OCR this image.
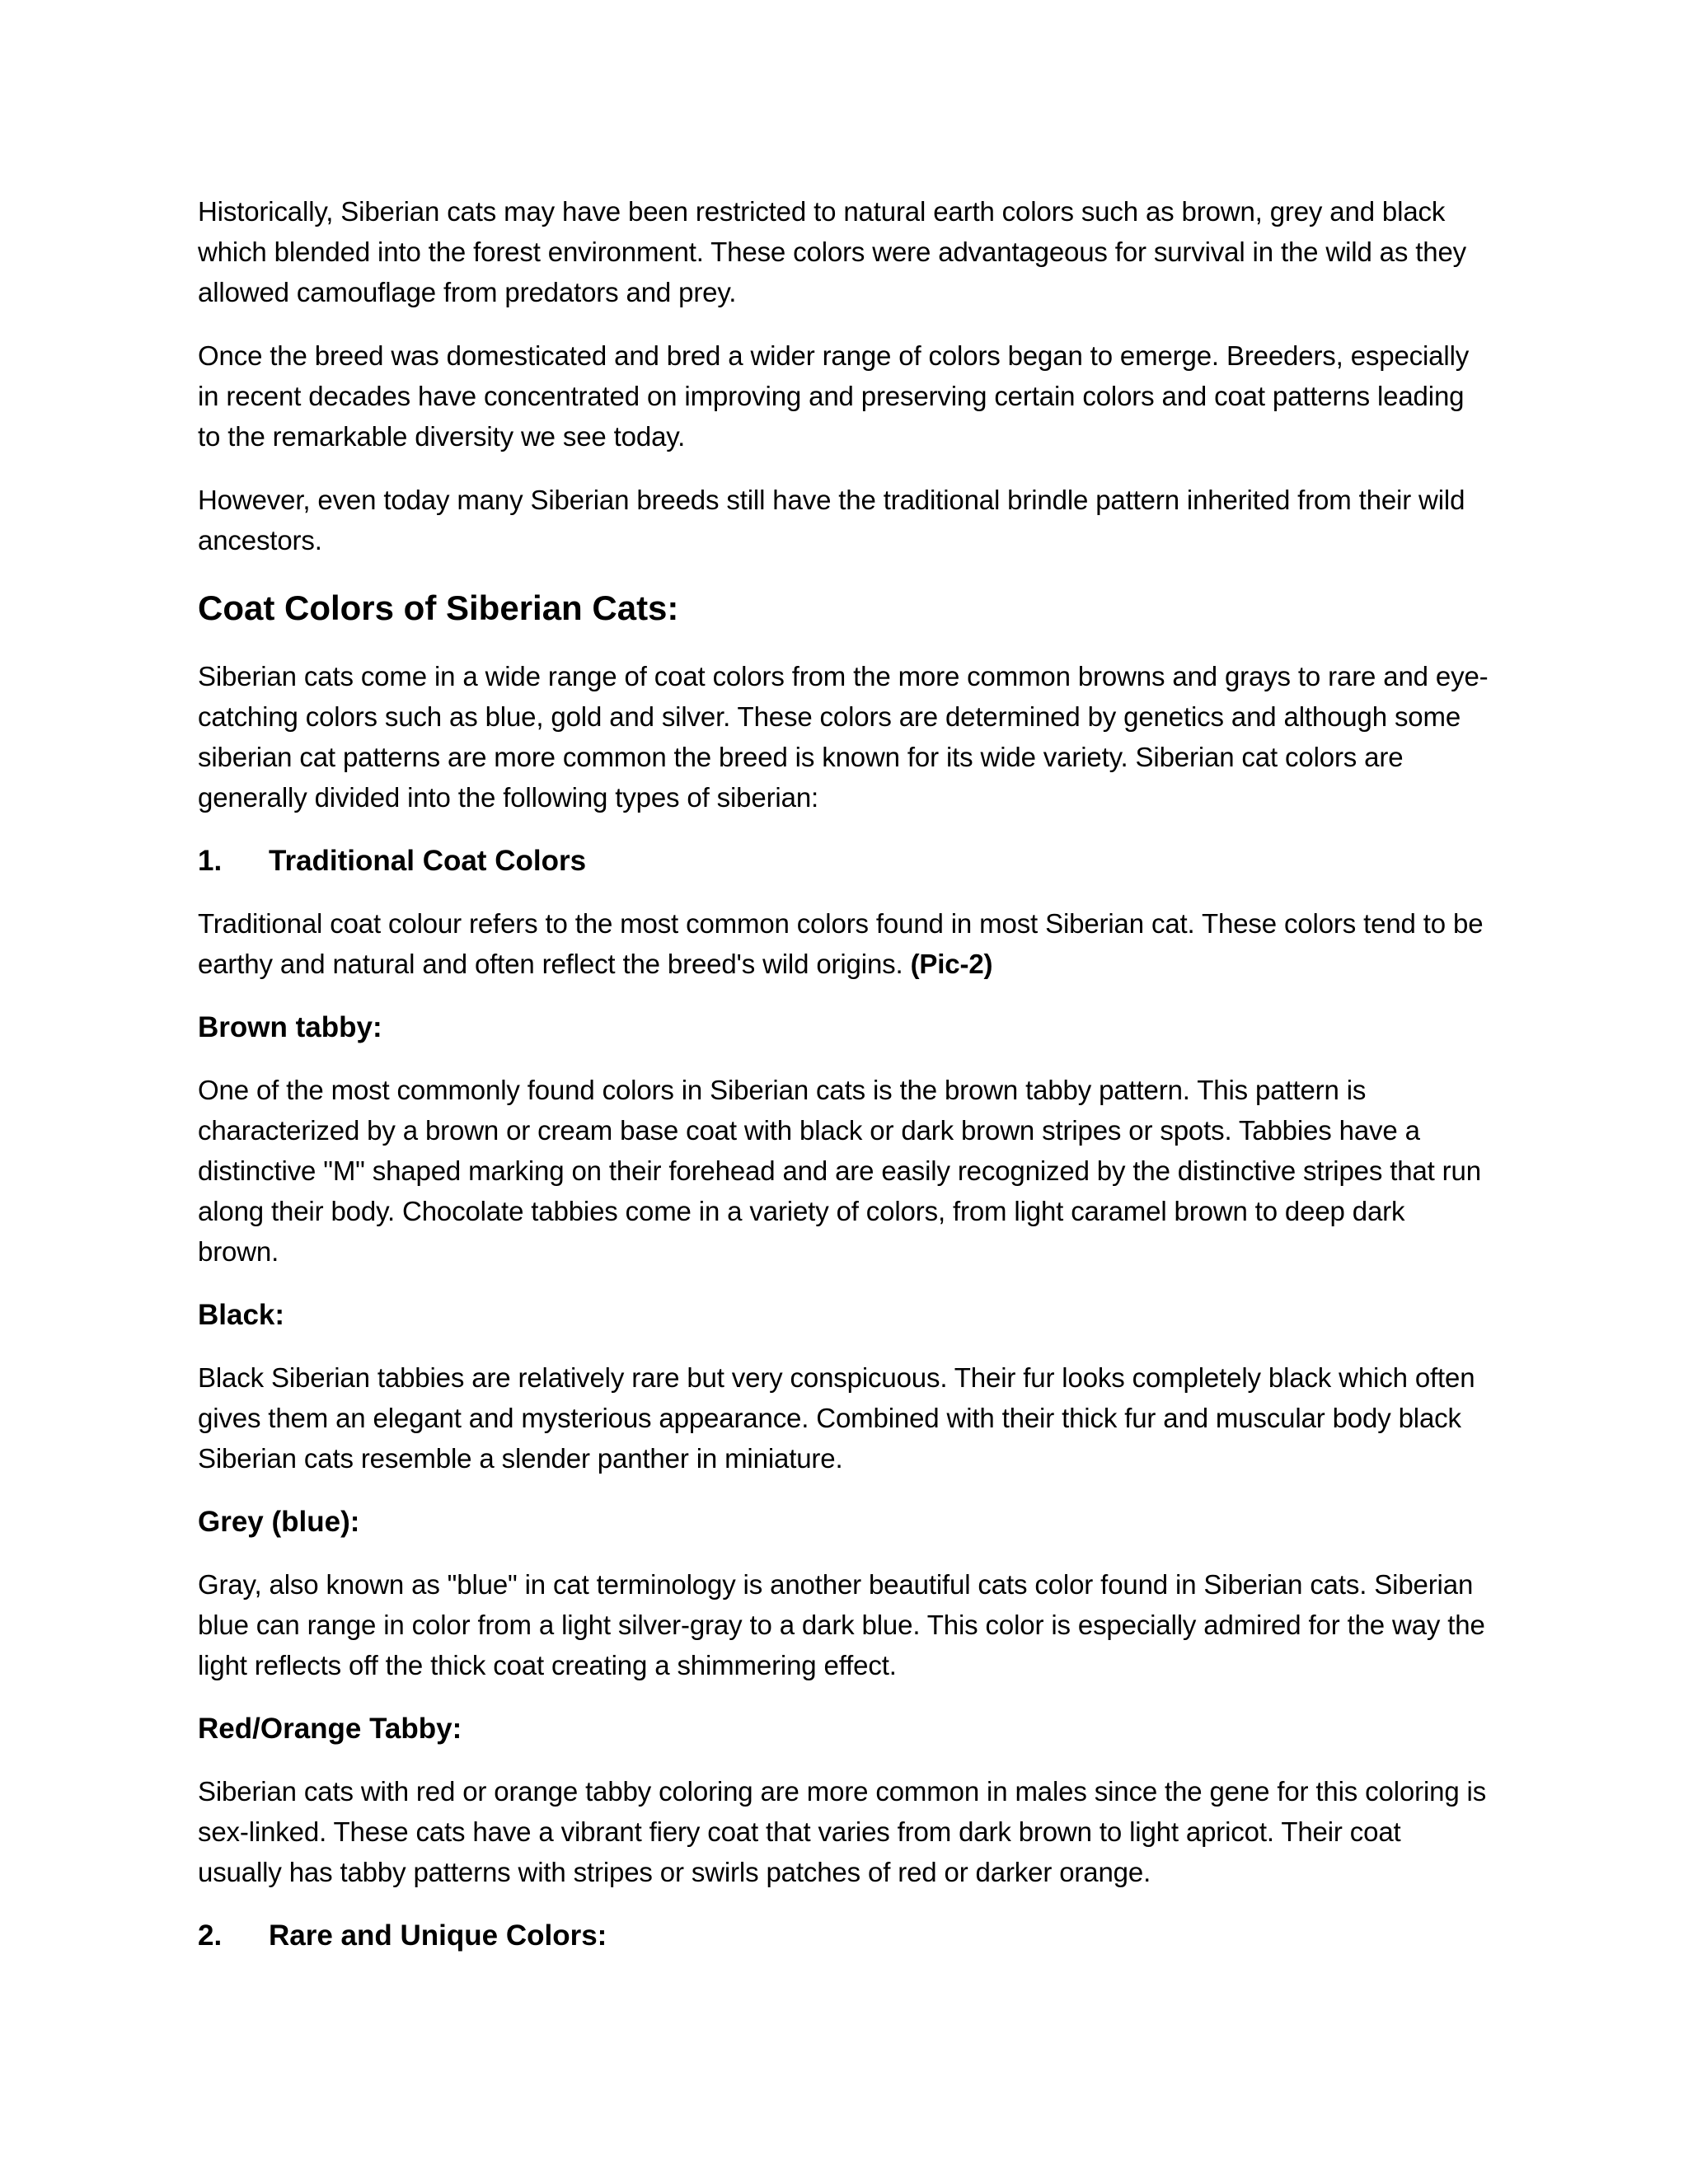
Historically, Siberian cats may have been restricted to natural earth colors such as brown, grey and black which blended into the forest environment. These colors were advantageous for survival in the wild as they allowed camouflage from predators and prey.

Once the breed was domesticated and bred a wider range of colors began to emerge. Breeders, especially in recent decades have concentrated on improving and preserving certain colors and coat patterns leading to the remarkable diversity we see today.

However, even today many Siberian breeds still have the traditional brindle pattern inherited from their wild ancestors.

Coat Colors of Siberian Cats:

Siberian cats come in a wide range of coat colors from the more common browns and grays to rare and eye-catching colors such as blue, gold and silver. These colors are determined by genetics and although some siberian cat patterns are more common the breed is known for its wide variety. Siberian cat colors are generally divided into the following types of siberian:

1.	Traditional Coat Colors

Traditional coat colour refers to the most common colors found in most Siberian cat. These colors tend to be earthy and natural and often reflect the breed's wild origins. (Pic-2)

Brown tabby:

One of the most commonly found colors in Siberian cats is the brown tabby pattern. This pattern is characterized by a brown or cream base coat with black or dark brown stripes or spots. Tabbies have a distinctive "M" shaped marking on their forehead and are easily recognized by the distinctive stripes that run along their body. Chocolate tabbies come in a variety of colors, from light caramel brown to deep dark brown.

Black:

Black Siberian tabbies are relatively rare but very conspicuous. Their fur looks completely black which often gives them an elegant and mysterious appearance. Combined with their thick fur and muscular body black Siberian cats resemble a slender panther in miniature.

Grey (blue):

Gray, also known as "blue" in cat terminology is another beautiful cats color found in Siberian cats. Siberian blue can range in color from a light silver-gray to a dark blue. This color is especially admired for the way the light reflects off the thick coat creating a shimmering effect.

Red/Orange Tabby:

Siberian cats with red or orange tabby coloring are more common in males since the gene for this coloring is sex-linked. These cats have a vibrant fiery coat that varies from dark brown to light apricot. Their coat usually has tabby patterns with stripes or swirls patches of red or darker orange.

2.	Rare and Unique Colors:
